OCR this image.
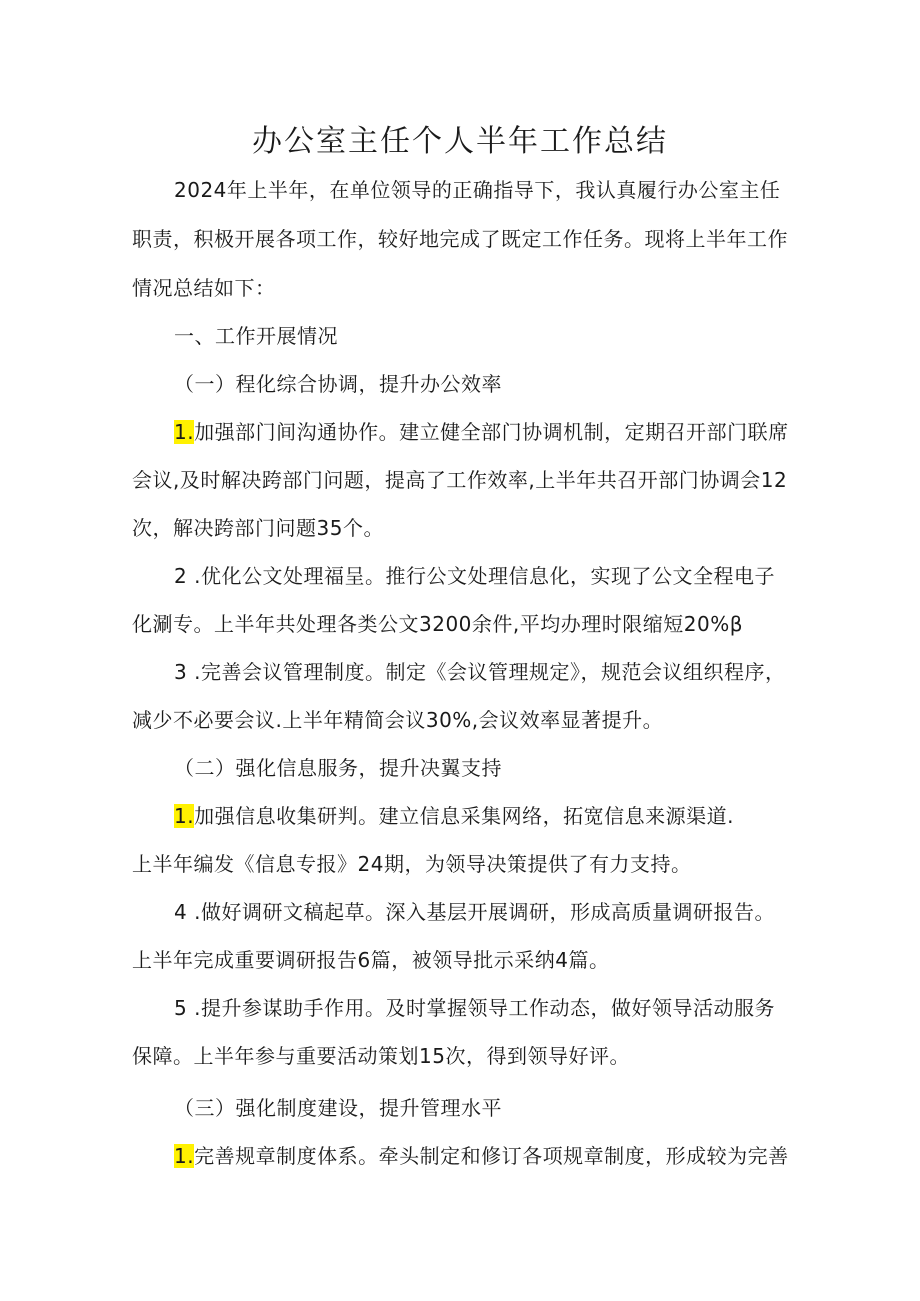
办公室主任个人半年工作总结
2024年上半年，在单位领导的正确指导下，我认真履行办公室主任
职责，积极开展各项工作，较好地完成了既定工作任务。现将上半年工作
情况总结如下：
一、工作开展情况
（一）程化综合协调，提升办公效率
1.加强部门间沟通协作。建立健全部门协调机制，定期召开部门联席
会议,及时解决跨部门问题，提高了工作效率,上半年共召开部门协调会12
次，解决跨部门问题35个。
2 .优化公文处理福呈。推行公文处理信息化，实现了公文全程电子
化涮专。上半年共处理各类公文3200余件,平均办理时限缩短20%β
3 .完善会议管理制度。制定《会议管理规定》，规范会议组织程序，
减少不必要会议.上半年精简会议30%,会议效率显著提升。
（二）强化信息服务，提升决翼支持
1.加强信息收集研判。建立信息采集网络，拓宽信息来源渠道.
上半年编发《信息专报》24期，为领导决策提供了有力支持。
4 .做好调研文稿起草。深入基层开展调研，形成高质量调研报告。
上半年完成重要调研报告6篇，被领导批示采纳4篇。
5 .提升参谋助手作用。及时掌握领导工作动态，做好领导活动服务
保障。上半年参与重要活动策划15次，得到领导好评。
（三）强化制度建设，提升管理水平
1.完善规章制度体系。牵头制定和修订各项规章制度，形成较为完善
